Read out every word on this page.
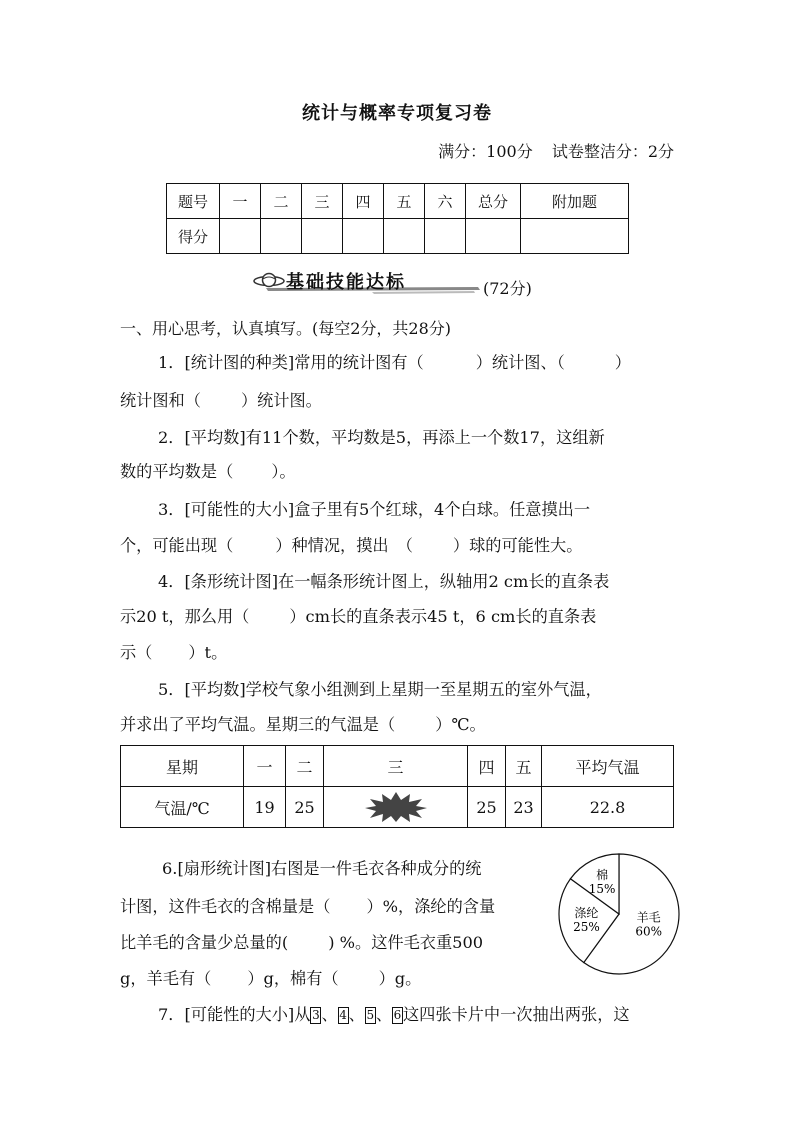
统计与概率专项复习卷
满分：100分 试卷整洁分：2分
题号	一	二	三	四	五	六	总分	附加题
得分								
基础技能达标	(72分)
一、用心思考，认真填写。(每空2分，共28分)
1．[统计图的种类]常用的统计图有（	）统计图、（	）
统计图和（ ）统计图。
2．[平均数]有11个数，平均数是5，再添上一个数17，这组新
数的平均数是（ ）。
3．[可能性的大小]盒子里有5个红球，4个白球。任意摸出一
个，可能出现（	）种情况，摸出　（ ）球的可能性大。
4．[条形统计图]在一幅条形统计图上，纵轴用2 cm长的直条表
示20 t，那么用（ ）cm长的直条表示45 t，6 cm长的直条表
示（ ）t。
5．[平均数]学校气象小组测到上星期一至星期五的室外气温，
并求出了平均气温。星期三的气温是（ ）℃。
星期	一	二	三	四	五	平均气温
气温/℃	19	25		25	23	22.8
6.[扇形统计图]右图是一件毛衣各种成分的统
计图，这件毛衣的含棉量是（ ）%，涤纶的含量
比羊毛的含量少总量的( ) %。这件毛衣重500
g，羊毛有（ ）g，棉有（ ）g。
羊毛
60%
涤纶
25%
棉
15%
7．[可能性的大小]从 3 、 4 、 5 、 6 这四张卡片中一次抽出两张，这
